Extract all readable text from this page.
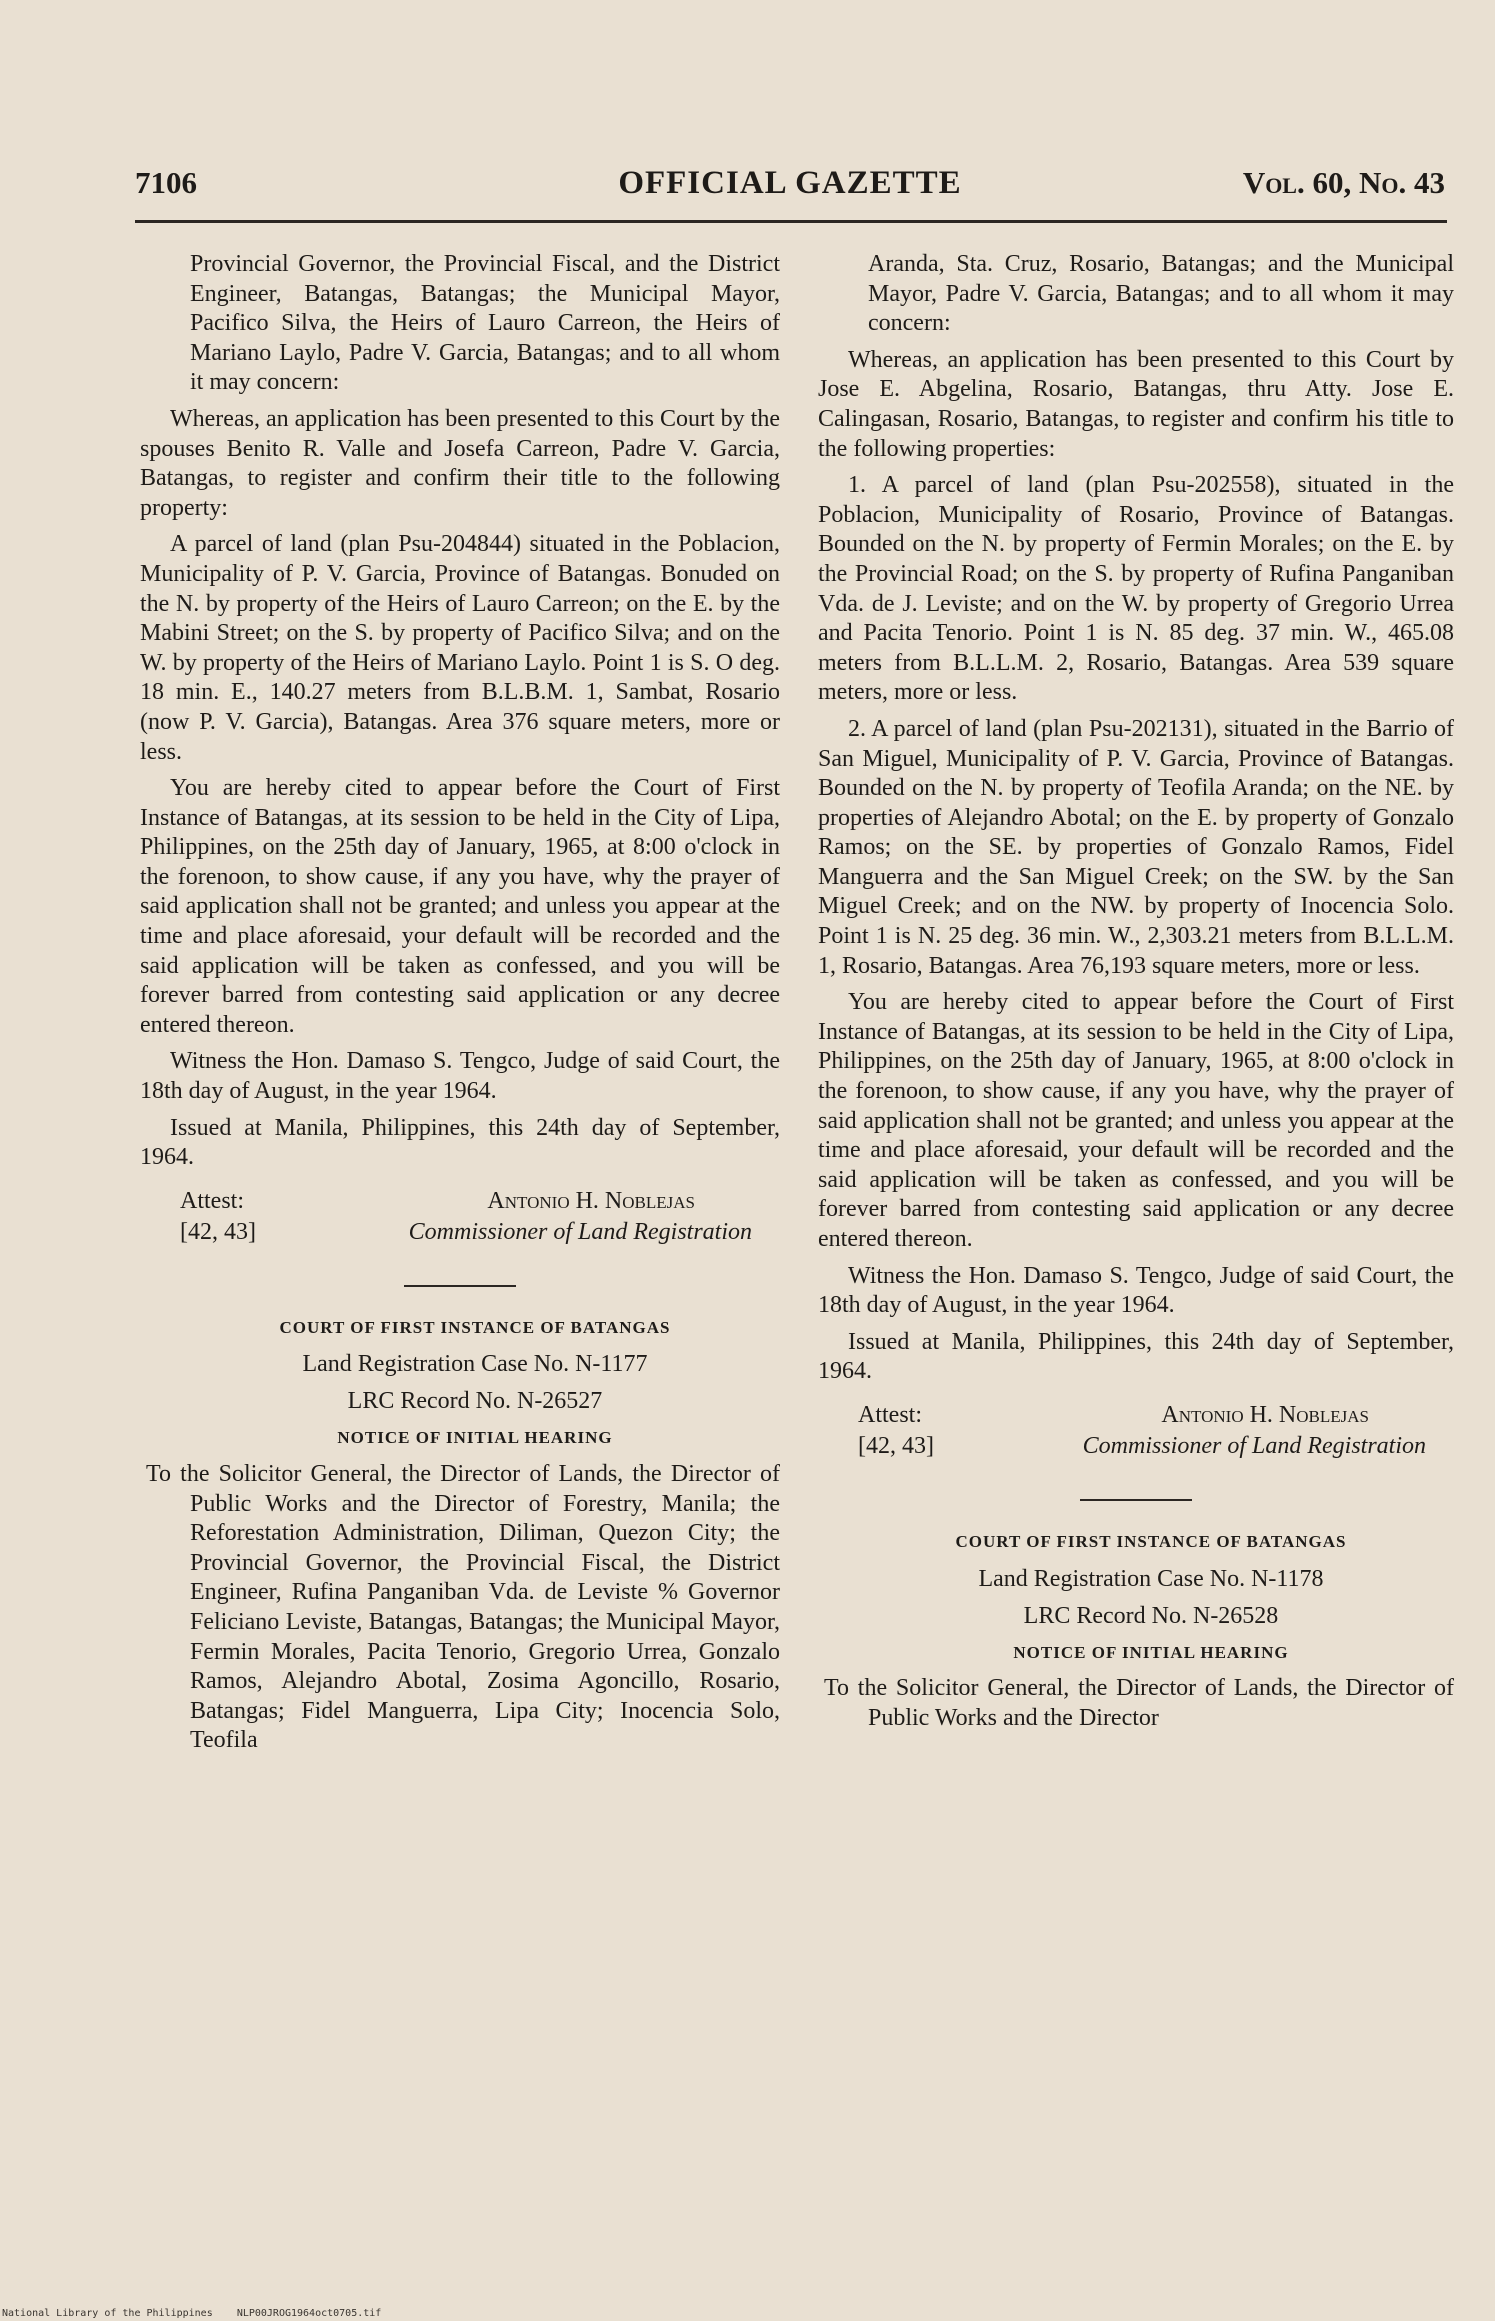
7106	OFFICIAL GAZETTE	Vol. 60, No. 43

Provincial Governor, the Provincial Fiscal, and the District Engineer, Batangas, Batangas; the Municipal Mayor, Pacifico Silva, the Heirs of Lauro Carreon, the Heirs of Mariano Laylo, Padre V. Garcia, Batangas; and to all whom it may concern:

Whereas, an application has been presented to this Court by the spouses Benito R. Valle and Josefa Carreon, Padre V. Garcia, Batangas, to register and confirm their title to the following property:

A parcel of land (plan Psu-204844) situated in the Poblacion, Municipality of P. V. Garcia, Province of Batangas. Bonuded on the N. by property of the Heirs of Lauro Carreon; on the E. by the Mabini Street; on the S. by property of Pacifico Silva; and on the W. by property of the Heirs of Mariano Laylo. Point 1 is S. O deg. 18 min. E., 140.27 meters from B.L.B.M. 1, Sambat, Rosario (now P. V. Garcia), Batangas. Area 376 square meters, more or less.

You are hereby cited to appear before the Court of First Instance of Batangas, at its session to be held in the City of Lipa, Philippines, on the 25th day of January, 1965, at 8:00 o'clock in the forenoon, to show cause, if any you have, why the prayer of said application shall not be granted; and unless you appear at the time and place aforesaid, your default will be recorded and the said application will be taken as confessed, and you will be forever barred from contesting said application or any decree entered thereon.

Witness the Hon. Damaso S. Tengco, Judge of said Court, the 18th day of August, in the year 1964.

Issued at Manila, Philippines, this 24th day of September, 1964.

Attest:
[42, 43]
Antonio H. Noblejas
Commissioner of Land Registration

COURT OF FIRST INSTANCE OF BATANGAS

Land Registration Case No. N-1177

LRC Record No. N-26527

NOTICE OF INITIAL HEARING

To the Solicitor General, the Director of Lands, the Director of Public Works and the Director of Forestry, Manila; the Reforestation Administration, Diliman, Quezon City; the Provincial Governor, the Provincial Fiscal, the District Engineer, Rufina Panganiban Vda. de Leviste % Governor Feliciano Leviste, Batangas, Batangas; the Municipal Mayor, Fermin Morales, Pacita Tenorio, Gregorio Urrea, Gonzalo Ramos, Alejandro Abotal, Zosima Agoncillo, Rosario, Batangas; Fidel Manguerra, Lipa City; Inocencia Solo, Teofila

Aranda, Sta. Cruz, Rosario, Batangas; and the Municipal Mayor, Padre V. Garcia, Batangas; and to all whom it may concern:

Whereas, an application has been presented to this Court by Jose E. Abgelina, Rosario, Batangas, thru Atty. Jose E. Calingasan, Rosario, Batangas, to register and confirm his title to the following properties:

1. A parcel of land (plan Psu-202558), situated in the Poblacion, Municipality of Rosario, Province of Batangas. Bounded on the N. by property of Fermin Morales; on the E. by the Provincial Road; on the S. by property of Rufina Panganiban Vda. de J. Leviste; and on the W. by property of Gregorio Urrea and Pacita Tenorio. Point 1 is N. 85 deg. 37 min. W., 465.08 meters from B.L.L.M. 2, Rosario, Batangas. Area 539 square meters, more or less.

2. A parcel of land (plan Psu-202131), situated in the Barrio of San Miguel, Municipality of P. V. Garcia, Province of Batangas. Bounded on the N. by property of Teofila Aranda; on the NE. by properties of Alejandro Abotal; on the E. by property of Gonzalo Ramos; on the SE. by properties of Gonzalo Ramos, Fidel Manguerra and the San Miguel Creek; on the SW. by the San Miguel Creek; and on the NW. by property of Inocencia Solo. Point 1 is N. 25 deg. 36 min. W., 2,303.21 meters from B.L.L.M. 1, Rosario, Batangas. Area 76,193 square meters, more or less.

You are hereby cited to appear before the Court of First Instance of Batangas, at its session to be held in the City of Lipa, Philippines, on the 25th day of January, 1965, at 8:00 o'clock in the forenoon, to show cause, if any you have, why the prayer of said application shall not be granted; and unless you appear at the time and place aforesaid, your default will be recorded and the said application will be taken as confessed, and you will be forever barred from contesting said application or any decree entered thereon.

Witness the Hon. Damaso S. Tengco, Judge of said Court, the 18th day of August, in the year 1964.

Issued at Manila, Philippines, this 24th day of September, 1964.

Attest:
[42, 43]
Antonio H. Noblejas
Commissioner of Land Registration

COURT OF FIRST INSTANCE OF BATANGAS

Land Registration Case No. N-1178

LRC Record No. N-26528

NOTICE OF INITIAL HEARING

To the Solicitor General, the Director of Lands, the Director of Public Works and the Director

National Library of the Philippines NLP00JROG1964oct0705.tif
